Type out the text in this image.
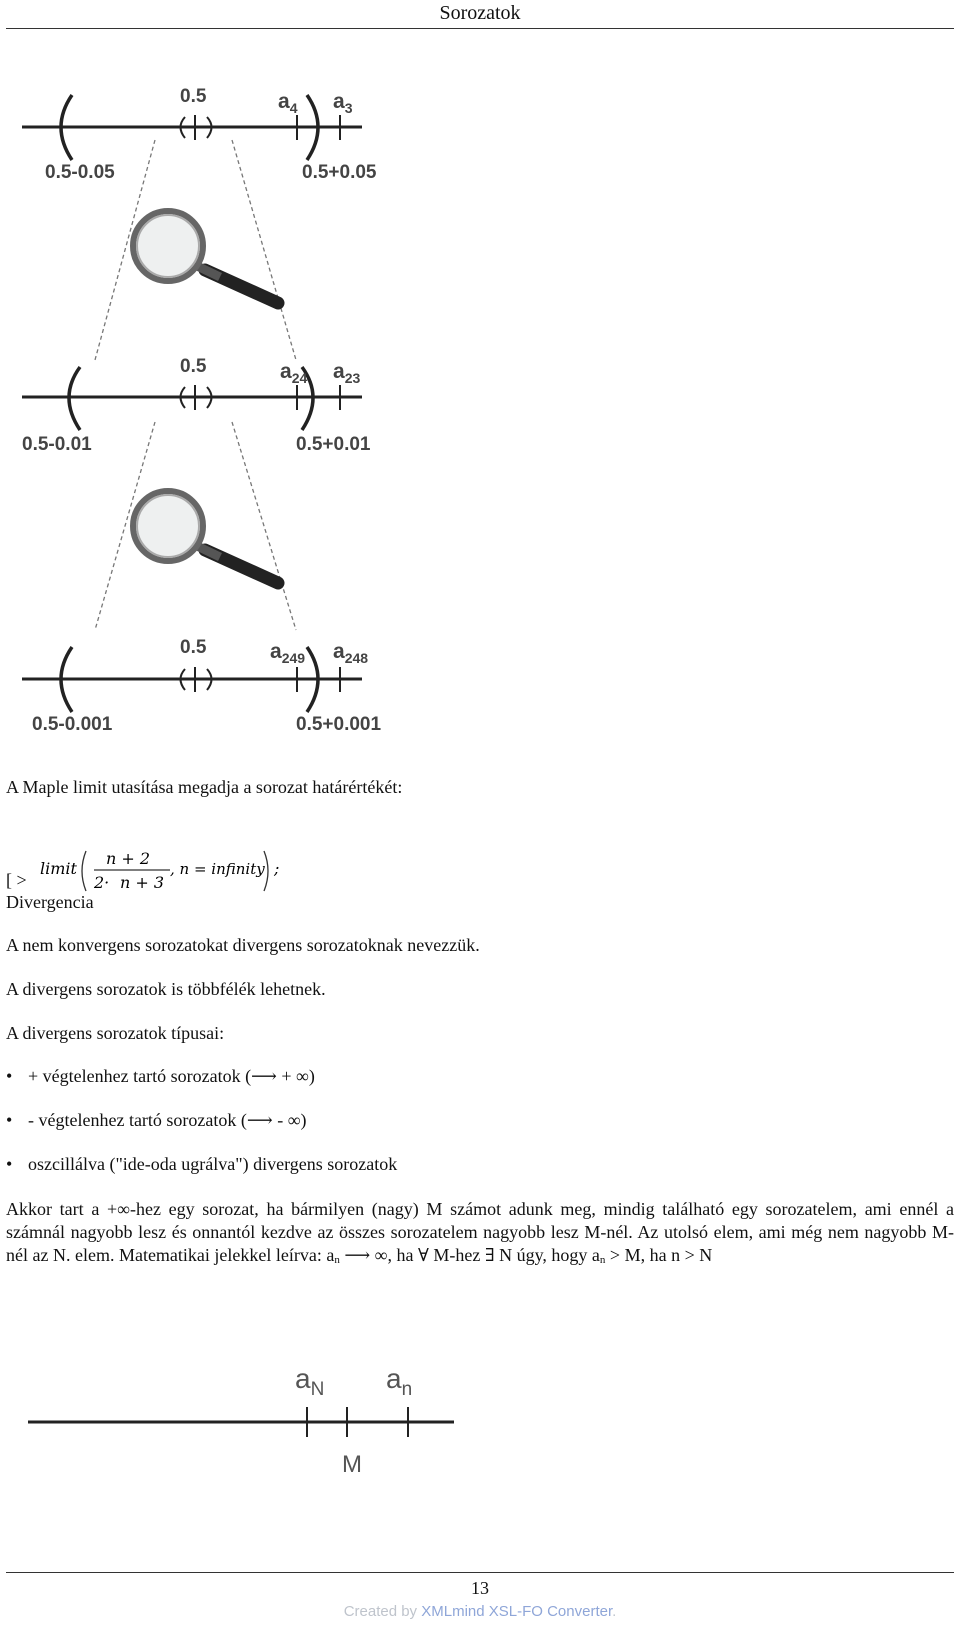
Sorozatok
0.5
0.5-0.05	0.5+0.05
$a_4$ $a_3$
0.5
0.5-0.01	0.5+0.01
$a_{24}$ $a_{23}$
0.5
0.5-0.001	0.5+0.001
$a_{249}$ $a_{248}$
A Maple limit utasítása megadja a sorozat határértékét:
[ >
limit
n + 2
2· n + 3
, n = infinity ;
Divergencia
A nem konvergens sorozatokat divergens sorozatoknak nevezzük.
A divergens sorozatok is többfélék lehetnek.
A divergens sorozatok típusai:
• + végtelenhez tartó sorozatok (⟶ + ∞)
• - végtelenhez tartó sorozatok (⟶ - ∞)
• oszcillálva ("ide-oda ugrálva") divergens sorozatok
Akkor tart a +∞-hez egy sorozat, ha bármilyen (nagy) M számot adunk meg, mindig található egy sorozatelem, ami ennél a számnál nagyobb lesz és onnantól kezdve az összes sorozatelem nagyobb lesz M-nél. Az utolsó elem, ami még nem nagyobb M-nél az N. elem. Matematikai jelekkel leírva: $a_n$ ⟶ ∞, ha ∀ M-hez ∃ N úgy, hogy $a_n > M$, ha n > N
$a_N$ $a_n$
M
13
Created by XMLmind XSL-FO Converter.
